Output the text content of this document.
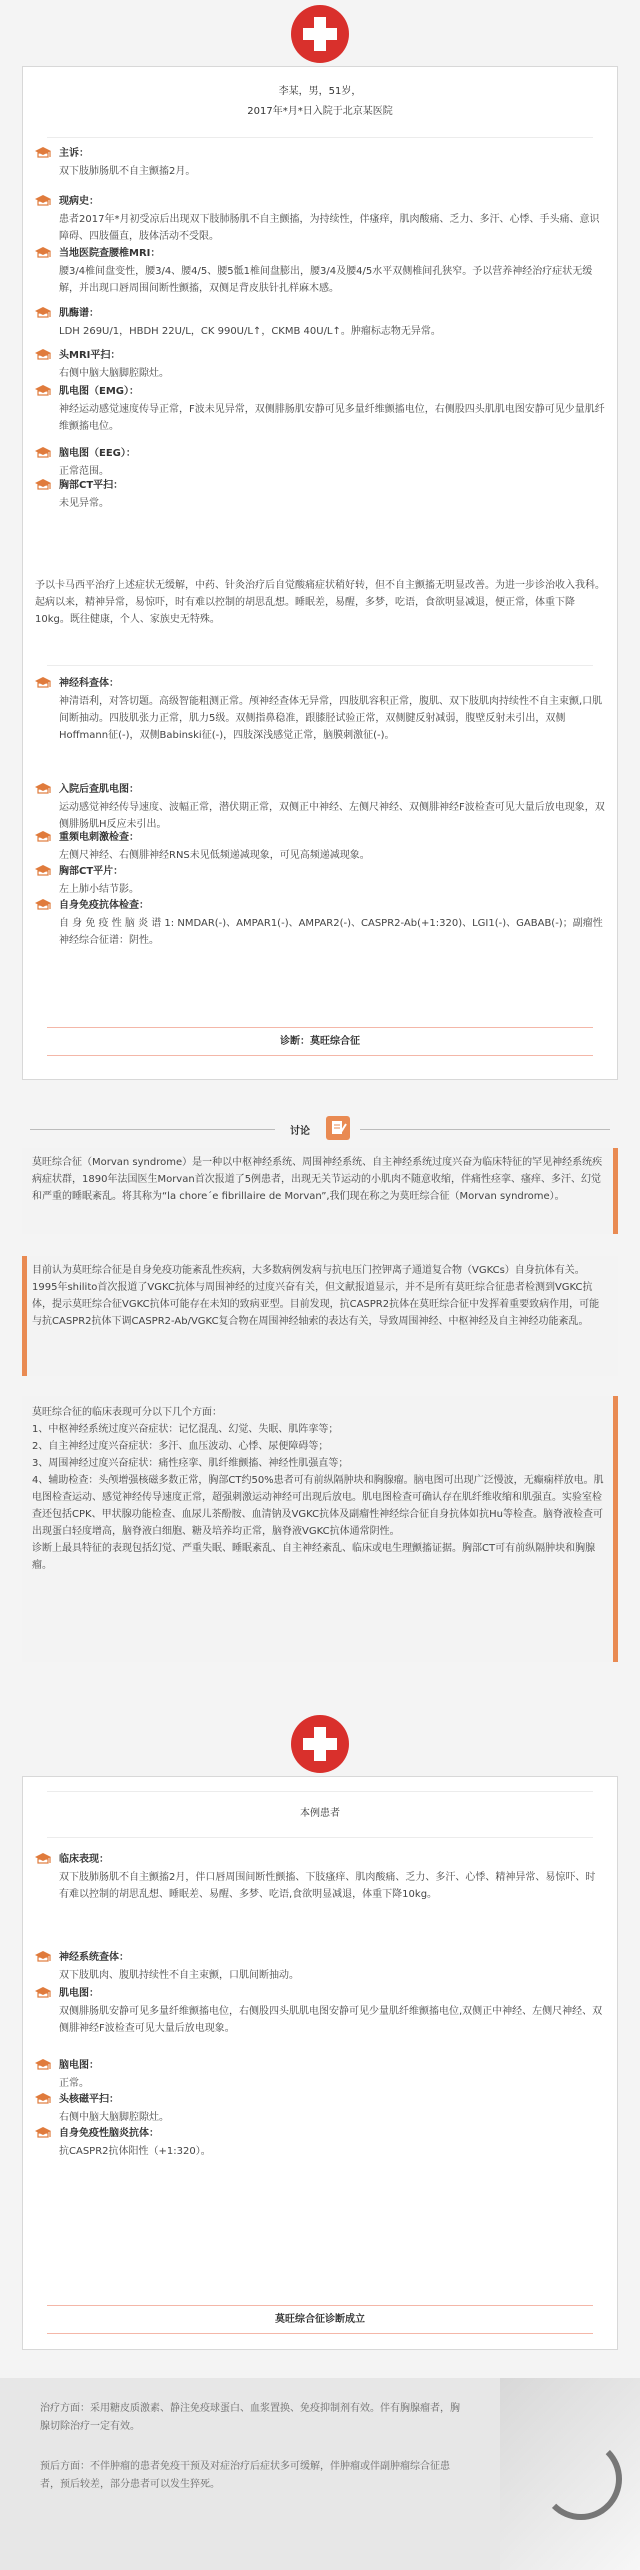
李某，男，51岁，
2017年*月*日入院于北京某医院
主诉：
双下肢肺肠肌不自主颤搐2月。
现病史：
患者2017年*月初受凉后出现双下肢肺肠肌不自主颤搐，为持续性，伴瘙痒，肌肉酸痛、乏力、多汗、心悸、手头痛、意识障碍、四肢僵直，肢体活动不受限。
当地医院查腰椎MRI：
腰3/4椎间盘变性，腰3/4、腰4/5、腰5骶1椎间盘膨出，腰3/4及腰4/5水平双侧椎间孔狭窄。予以营养神经治疗症状无缓解，并出现口唇周围间断性颤搐，双侧足背皮肤针扎样麻木感。
肌酶谱：
LDH 269U/1，HBDH 22U/L，CK 990U/L↑，CKMB 40U/L↑。肿瘤标志物无异常。
头MRI平扫：
右侧中脑大脑脚腔隙灶。
肌电图（EMG）：
神经运动感觉速度传导正常，F波未见异常，双侧腓肠肌安静可见多量纤维颤搐电位，右侧股四头肌肌电图安静可见少量肌纤维颤搐电位。
脑电图（EEG）：
正常范围。
胸部CT平扫：
未见异常。
予以卡马西平治疗上述症状无缓解，中药、针灸治疗后自觉酸痛症状稍好转，但不自主颤搐无明显改善。为进一步诊治收入我科。起病以来，精神异常，易惊吓，时有难以控制的胡思乱想。睡眠差，易醒，多梦，吃语，食欲明显减退，便正常，体重下降10kg。既往健康，个人、家族史无特殊。
神经科查体：
神清语利，对答切题。高级智能粗测正常。颅神经查体无异常，四肢肌容积正常，腹肌、双下肢肌肉持续性不自主束颤,口肌间断抽动。四肢肌张力正常，肌力5级。双侧指鼻稳准，跟膝胫试验正常，双侧腱反射减弱，腹壁反射未引出，双侧Hoffmann征(-)，双侧Babinski征(-)，四肢深浅感觉正常，脑膜刺激征(-)。
入院后查肌电图：
运动感觉神经传导速度、波幅正常，潜伏期正常，双侧正中神经、左侧尺神经、双侧腓神经F波检查可见大量后放电现象，双侧腓肠肌H反应未引出。
重频电刺激检查：
左侧尺神经、右侧腓神经RNS未见低频递减现象，可见高频递减现象。
胸部CT平片：
左上肺小结节影。
自身免疫抗体检查：
自 身 免 疫 性 脑 炎 谱 1: NMDAR(-)、AMPAR1(-)、AMPAR2(-)、CASPR2-Ab(+1:320)、LGI1(-)、GABAB(-)；副瘤性神经综合征谱：阴性。
诊断：莫旺综合征
讨论
莫旺综合征（Morvan syndrome）是一种以中枢神经系统、周围神经系统、自主神经系统过度兴奋为临床特征的罕见神经系统疾病症状群，1890年法国医生Morvan首次报道了5例患者，出现无关节运动的小肌肉不随意收缩，伴痛性痉挛、瘙痒、多汗、幻觉和严重的睡眠紊乱。将其称为“la chore´e fibrillaire de Morvan”,我们现在称之为莫旺综合征（Morvan syndrome）。
目前认为莫旺综合征是自身免疫功能紊乱性疾病，大多数病例发病与抗电压门控钾离子通道复合物（VGKCs）自身抗体有关。1995年shilito首次报道了VGKC抗体与周围神经的过度兴奋有关，但文献报道显示，并不是所有莫旺综合征患者检测到VGKC抗体，提示莫旺综合征VGKC抗体可能存在未知的致病亚型。目前发现，抗CASPR2抗体在莫旺综合征中发挥着重要致病作用，可能与抗CASPR2抗体下调CASPR2-Ab/VGKC复合物在周围神经轴索的表达有关，导致周围神经、中枢神经及自主神经功能紊乱。
莫旺综合征的临床表现可分以下几个方面：
1、中枢神经系统过度兴奋症状：记忆混乱、幻觉、失眠、肌阵挛等；
2、自主神经过度兴奋症状：多汗、血压波动、心悸、尿便障碍等；
3、周围神经过度兴奋症状：痛性痉挛、肌纤维颤搐、神经性肌强直等；
4、辅助检查：头颅增强核磁多数正常，胸部CT约50%患者可有前纵隔肿块和胸腺瘤。脑电图可出现广泛慢波，无癫痫样放电。肌电图检查运动、感觉神经传导速度正常，超强刺激运动神经可出现后放电。肌电图检查可确认存在肌纤维收缩和肌强直。实验室检查还包括CPK、甲状腺功能检查、血尿儿茶酚胺、血清钠及VGKC抗体及副瘤性神经综合征自身抗体如抗Hu等检查。脑脊液检查可出现蛋白轻度增高，脑脊液白细胞、糖及培养均正常，脑脊液VGKC抗体通常阴性。
诊断上最具特征的表现包括幻觉、严重失眠、睡眠紊乱、自主神经紊乱、临床或电生理颤搐证据。胸部CT可有前纵隔肿块和胸腺瘤。
本例患者
临床表现：
双下肢肺肠肌不自主颤搐2月，伴口唇周围间断性颤搐、下肢瘙痒、肌肉酸痛、乏力、多汗、心悸、精神异常、易惊吓、时有难以控制的胡思乱想、睡眠差、易醒、多梦、吃语,食欲明显减退，体重下降10kg。
神经系统查体：
双下肢肌肉、腹肌持续性不自主束颤，口肌间断抽动。
肌电图：
双侧腓肠肌安静可见多量纤维颤搐电位，右侧股四头肌肌电图安静可见少量肌纤维颤搐电位,双侧正中神经、左侧尺神经、双侧腓神经F波检查可见大量后放电现象。
脑电图：
正常。
头核磁平扫：
右侧中脑大脑脚腔隙灶。
自身免疫性脑炎抗体：
抗CASPR2抗体阳性（+1:320）。
莫旺综合征诊断成立
治疗方面：采用糖皮质激素、静注免疫球蛋白、血浆置换、免疫抑制剂有效。伴有胸腺瘤者，胸腺切除治疗一定有效。
预后方面：不伴肿瘤的患者免疫干预及对症治疗后症状多可缓解，伴肿瘤或伴副肿瘤综合征患者，预后较差，部分患者可以发生猝死。
